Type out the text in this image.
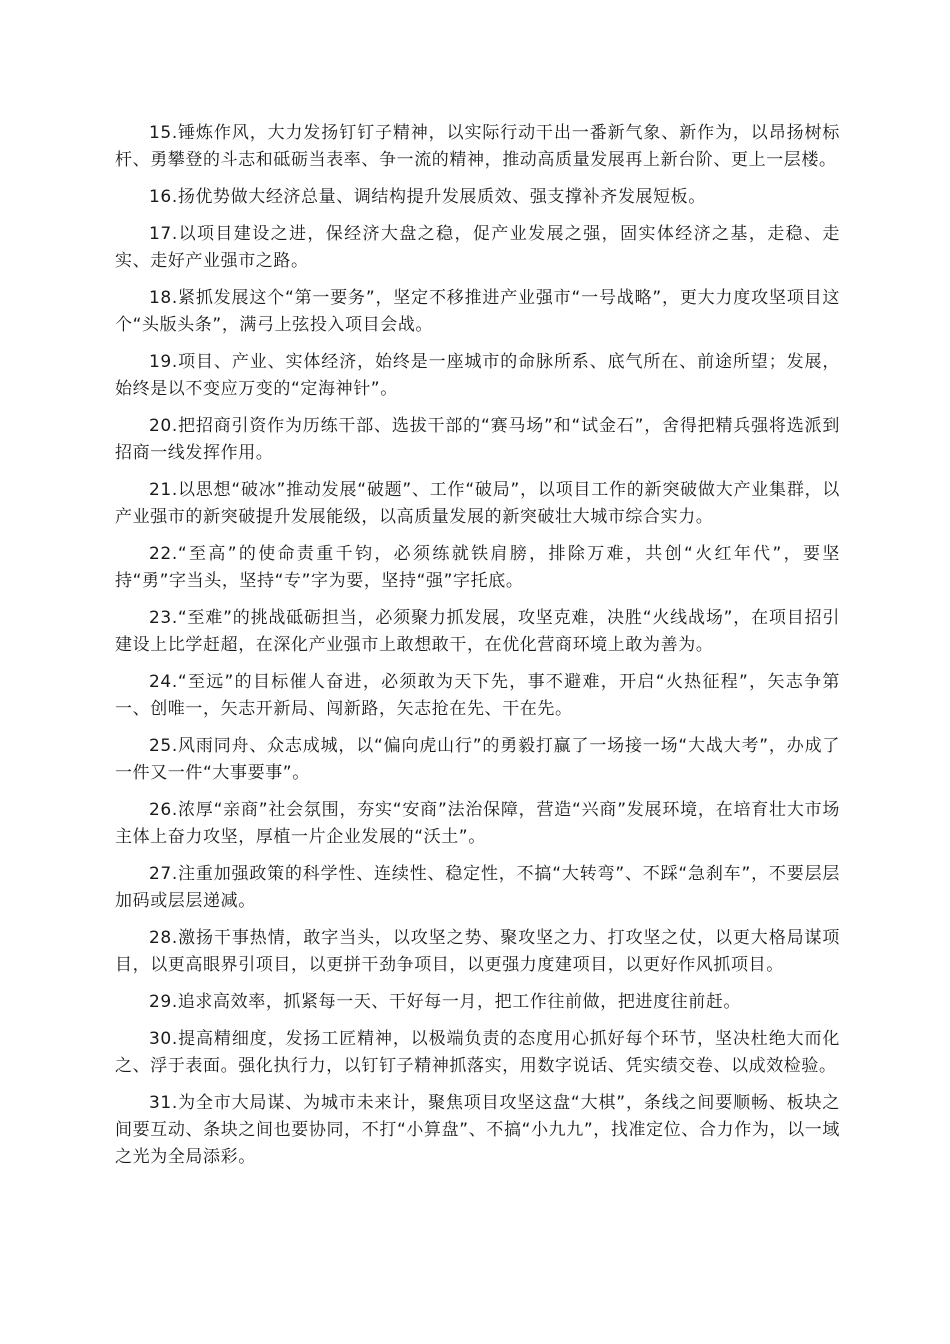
15.锤炼作风，大力发扬钉钉子精神，以实际行动干出一番新气象、新作为，以昂扬树标杆、勇攀登的斗志和砥砺当表率、争一流的精神，推动高质量发展再上新台阶、更上一层楼。

16.扬优势做大经济总量、调结构提升发展质效、强支撑补齐发展短板。

17.以项目建设之进，保经济大盘之稳，促产业发展之强，固实体经济之基，走稳、走实、走好产业强市之路。

18.紧抓发展这个“第一要务”，坚定不移推进产业强市“一号战略”，更大力度攻坚项目这个“头版头条”，满弓上弦投入项目会战。

19.项目、产业、实体经济，始终是一座城市的命脉所系、底气所在、前途所望；发展，始终是以不变应万变的“定海神针”。

20.把招商引资作为历练干部、选拔干部的“赛马场”和“试金石”，舍得把精兵强将选派到招商一线发挥作用。

21.以思想“破冰”推动发展“破题”、工作“破局”，以项目工作的新突破做大产业集群，以产业强市的新突破提升发展能级，以高质量发展的新突破壮大城市综合实力。

22.“至高”的使命责重千钧，必须练就铁肩膀，排除万难，共创“火红年代”，要坚持“勇”字当头，坚持“专”字为要，坚持“强”字托底。

23.“至难”的挑战砥砺担当，必须聚力抓发展，攻坚克难，决胜“火线战场”，在项目招引建设上比学赶超，在深化产业强市上敢想敢干，在优化营商环境上敢为善为。

24.“至远”的目标催人奋进，必须敢为天下先，事不避难，开启“火热征程”，矢志争第一、创唯一，矢志开新局、闯新路，矢志抢在先、干在先。

25.风雨同舟、众志成城，以“偏向虎山行”的勇毅打赢了一场接一场“大战大考”，办成了一件又一件“大事要事”。

26.浓厚“亲商”社会氛围，夯实“安商”法治保障，营造“兴商”发展环境，在培育壮大市场主体上奋力攻坚，厚植一片企业发展的“沃土”。

27.注重加强政策的科学性、连续性、稳定性，不搞“大转弯”、不踩“急刹车”，不要层层加码或层层递减。

28.激扬干事热情，敢字当头，以攻坚之势、聚攻坚之力、打攻坚之仗，以更大格局谋项目，以更高眼界引项目，以更拼干劲争项目，以更强力度建项目，以更好作风抓项目。

29.追求高效率，抓紧每一天、干好每一月，把工作往前做，把进度往前赶。

30.提高精细度，发扬工匠精神，以极端负责的态度用心抓好每个环节，坚决杜绝大而化之、浮于表面。强化执行力，以钉钉子精神抓落实，用数字说话、凭实绩交卷、以成效检验。

31.为全市大局谋、为城市未来计，聚焦项目攻坚这盘“大棋”，条线之间要顺畅、板块之间要互动、条块之间也要协同，不打“小算盘”、不搞“小九九”，找准定位、合力作为，以一域之光为全局添彩。
